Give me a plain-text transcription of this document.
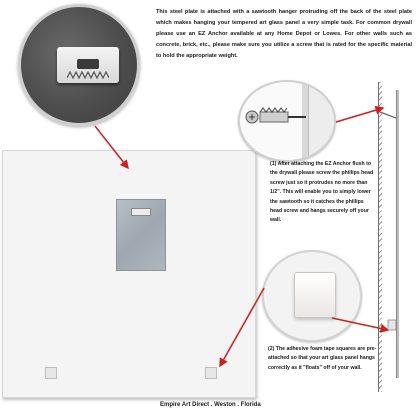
This steel plate is attached with a sawtooth hanger protruding off the back of the steel plate which makes hanging your tempered art glass panel a very simple task. For common drywall please use an EZ Anchor available at any Home Depot or Lowes. For other walls such as concrete, brick, etc., please make sure you utilize a screw that is rated for the specific material to hold the appropriate weight.

(1) After attaching the EZ Anchor flush to the drywall please screw the phillips head screw just so it protrudes no more than 1/2". This will enable you to simply lower the sawtooth so it catches the phillips head screw and hangs securely off your wall.

(2) The adhesive foam tape squares are pre-attached so that your art glass panel hangs correctly as it "floats" off of your wall.

Empire Art Direct . Weston . Florida
